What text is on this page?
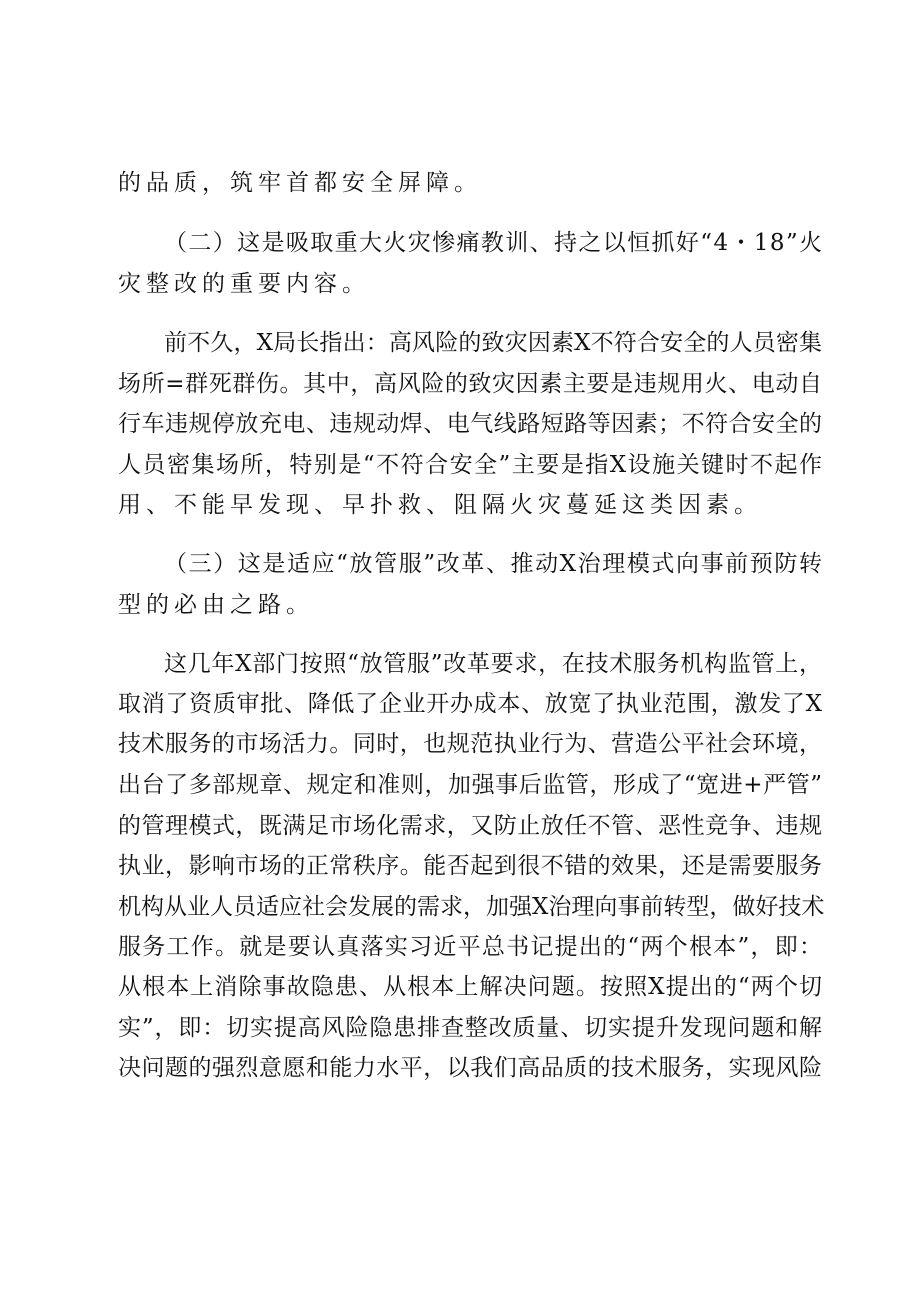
的品质，筑牢首都安全屏障。
（二）这是吸取重大火灾惨痛教训、持之以恒抓好“4・18”火
灾整改的重要内容。
前不久，X局长指出：高风险的致灾因素X不符合安全的人员密集
场所=群死群伤。其中，高风险的致灾因素主要是违规用火、电动自
行车违规停放充电、违规动焊、电气线路短路等因素；不符合安全的
人员密集场所，特别是“不符合安全”主要是指X设施关键时不起作
用、不能早发现、早扑救、阻隔火灾蔓延这类因素。
（三）这是适应“放管服”改革、推动X治理模式向事前预防转
型的必由之路。
这几年X部门按照“放管服”改革要求，在技术服务机构监管上，
取消了资质审批、降低了企业开办成本、放宽了执业范围，激发了X
技术服务的市场活力。同时，也规范执业行为、营造公平社会环境，
出台了多部规章、规定和准则，加强事后监管，形成了“宽进+严管”
的管理模式，既满足市场化需求，又防止放任不管、恶性竞争、违规
执业，影响市场的正常秩序。能否起到很不错的效果，还是需要服务
机构从业人员适应社会发展的需求，加强X治理向事前转型，做好技术
服务工作。就是要认真落实习近平总书记提出的“两个根本”，即：
从根本上消除事故隐患、从根本上解决问题。按照X提出的“两个切
实”，即：切实提高风险隐患排查整改质量、切实提升发现问题和解
决问题的强烈意愿和能力水平，以我们高品质的技术服务，实现风险
